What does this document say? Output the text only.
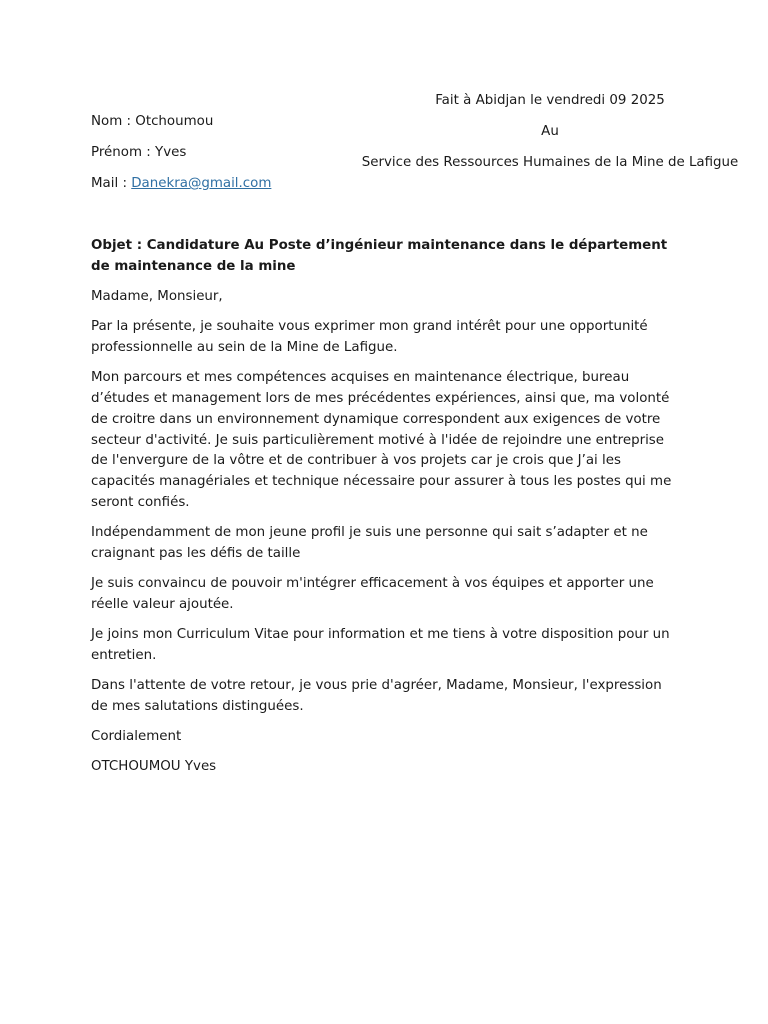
Fait à Abidjan le vendredi 09 2025
Au
Service des Ressources Humaines de la Mine de Lafigue
Nom : Otchoumou
Prénom : Yves
Mail : Danekra@gmail.com

Objet : Candidature Au Poste d’ingénieur maintenance dans le département de maintenance de la mine

Madame, Monsieur,

Par la présente, je souhaite vous exprimer mon grand intérêt pour une opportunité professionnelle au sein de la Mine de Lafigue.

Mon parcours et mes compétences acquises en maintenance électrique, bureau d’études et management lors de mes précédentes expériences, ainsi que, ma volonté de croitre dans un environnement dynamique correspondent aux exigences de votre secteur d'activité. Je suis particulièrement motivé à l'idée de rejoindre une entreprise de l'envergure de la vôtre et de contribuer à vos projets car je crois que J’ai les capacités managériales et technique nécessaire pour assurer à tous les postes qui me seront confiés.

Indépendamment de mon jeune profil je suis une personne qui sait s’adapter et ne craignant pas les défis de taille

Je suis convaincu de pouvoir m'intégrer efficacement à vos équipes et apporter une réelle valeur ajoutée.

Je joins mon Curriculum Vitae pour information et me tiens à votre disposition pour un entretien.

Dans l'attente de votre retour, je vous prie d'agréer, Madame, Monsieur, l'expression de mes salutations distinguées.

Cordialement

OTCHOUMOU Yves
